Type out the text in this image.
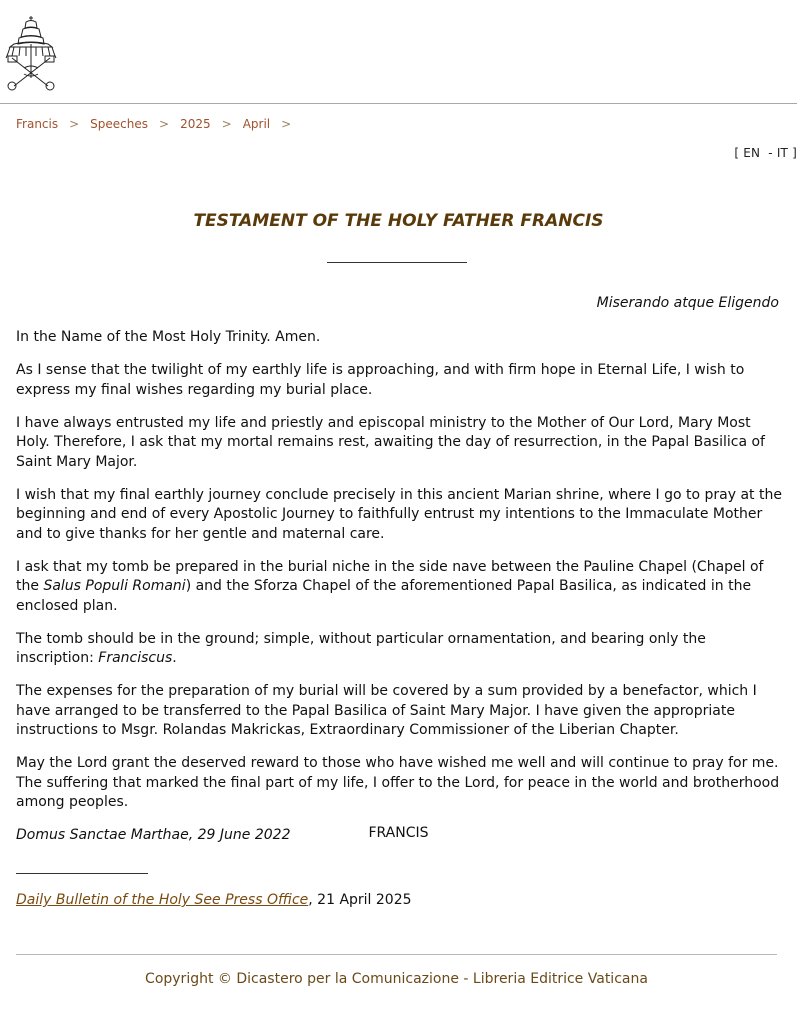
Francis > Speeches > 2025 > April >
[ EN - IT ]
TESTAMENT OF THE HOLY FATHER FRANCIS
Miserando atque Eligendo

In the Name of the Most Holy Trinity. Amen.

As I sense that the twilight of my earthly life is approaching, and with firm hope in Eternal Life, I wish to express my final wishes regarding my burial place.

I have always entrusted my life and priestly and episcopal ministry to the Mother of Our Lord, Mary Most Holy. Therefore, I ask that my mortal remains rest, awaiting the day of resurrection, in the Papal Basilica of Saint Mary Major.

I wish that my final earthly journey conclude precisely in this ancient Marian shrine, where I go to pray at the beginning and end of every Apostolic Journey to faithfully entrust my intentions to the Immaculate Mother and to give thanks for her gentle and maternal care.

I ask that my tomb be prepared in the burial niche in the side nave between the Pauline Chapel (Chapel of the Salus Populi Romani) and the Sforza Chapel of the aforementioned Papal Basilica, as indicated in the enclosed plan.

The tomb should be in the ground; simple, without particular ornamentation, and bearing only the inscription: Franciscus.

The expenses for the preparation of my burial will be covered by a sum provided by a benefactor, which I have arranged to be transferred to the Papal Basilica of Saint Mary Major. I have given the appropriate instructions to Msgr. Rolandas Makrickas, Extraordinary Commissioner of the Liberian Chapter.

May the Lord grant the deserved reward to those who have wished me well and will continue to pray for me. The suffering that marked the final part of my life, I offer to the Lord, for peace in the world and brotherhood among peoples.

Domus Sanctae Marthae, 29 June 2022	FRANCIS
Daily Bulletin of the Holy See Press Office, 21 April 2025
Copyright © Dicastero per la Comunicazione - Libreria Editrice Vaticana
